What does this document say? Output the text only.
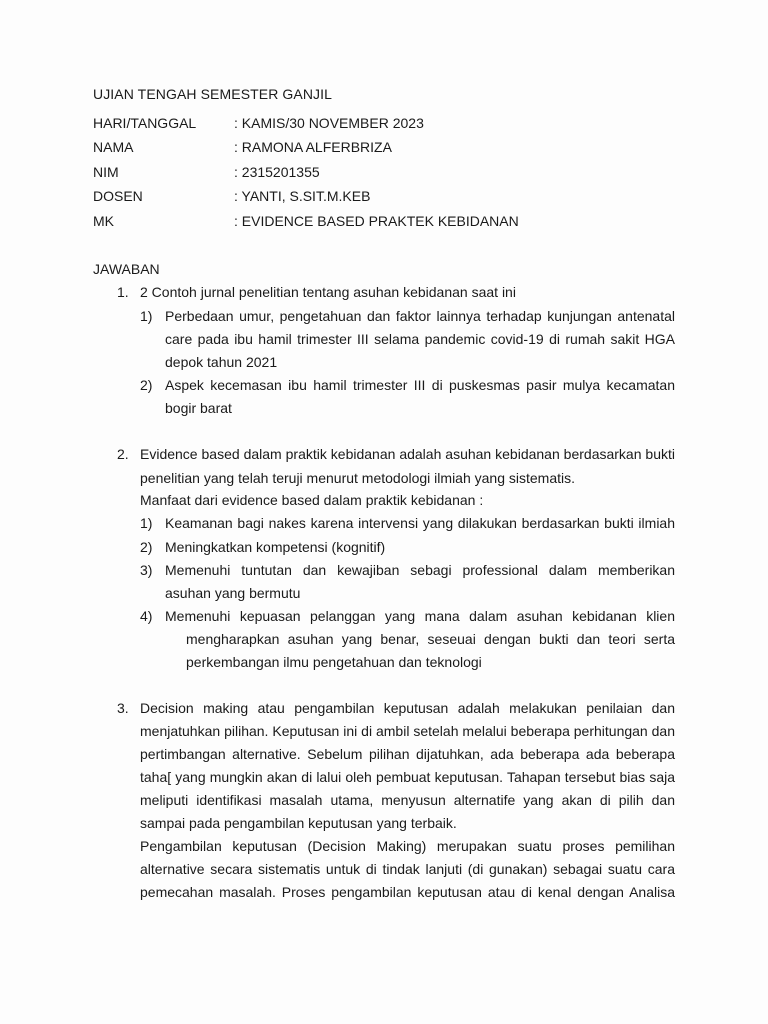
UJIAN TENGAH SEMESTER GANJIL
HARI/TANGGAL	: KAMIS/30 NOVEMBER 2023
NAMA	: RAMONA ALFERBRIZA
NIM	: 2315201355
DOSEN	: YANTI, S.SIT.M.KEB
MK	: EVIDENCE BASED PRAKTEK KEBIDANAN
JAWABAN
1. 2 Contoh jurnal penelitian tentang asuhan kebidanan saat ini
1) Perbedaan umur, pengetahuan dan faktor lainnya terhadap kunjungan antenatal
care pada ibu hamil trimester III selama pandemic covid-19 di rumah sakit HGA
depok tahun 2021
2) Aspek kecemasan ibu hamil trimester III di puskesmas pasir mulya kecamatan
bogir barat
2. Evidence based dalam praktik kebidanan adalah asuhan kebidanan berdasarkan bukti
penelitian yang telah teruji menurut metodologi ilmiah yang sistematis.
Manfaat dari evidence based dalam praktik kebidanan :
1) Keamanan bagi nakes karena intervensi yang dilakukan berdasarkan bukti ilmiah
2) Meningkatkan kompetensi (kognitif)
3) Memenuhi tuntutan dan kewajiban sebagi professional dalam memberikan
asuhan yang bermutu
4) Memenuhi kepuasan pelanggan yang mana dalam asuhan kebidanan klien
mengharapkan asuhan yang benar, seseuai dengan bukti dan teori serta
perkembangan ilmu pengetahuan dan teknologi
3. Decision making atau pengambilan keputusan adalah melakukan penilaian dan
menjatuhkan pilihan. Keputusan ini di ambil setelah melalui beberapa perhitungan dan
pertimbangan alternative. Sebelum pilihan dijatuhkan, ada beberapa ada beberapa
taha[ yang mungkin akan di lalui oleh pembuat keputusan. Tahapan tersebut bias saja
meliputi identifikasi masalah utama, menyusun alternatife yang akan di pilih dan
sampai pada pengambilan keputusan yang terbaik.
Pengambilan keputusan (Decision Making) merupakan suatu proses pemilihan
alternative secara sistematis untuk di tindak lanjuti (di gunakan) sebagai suatu cara
pemecahan masalah. Proses pengambilan keputusan atau di kenal dengan Analisa
